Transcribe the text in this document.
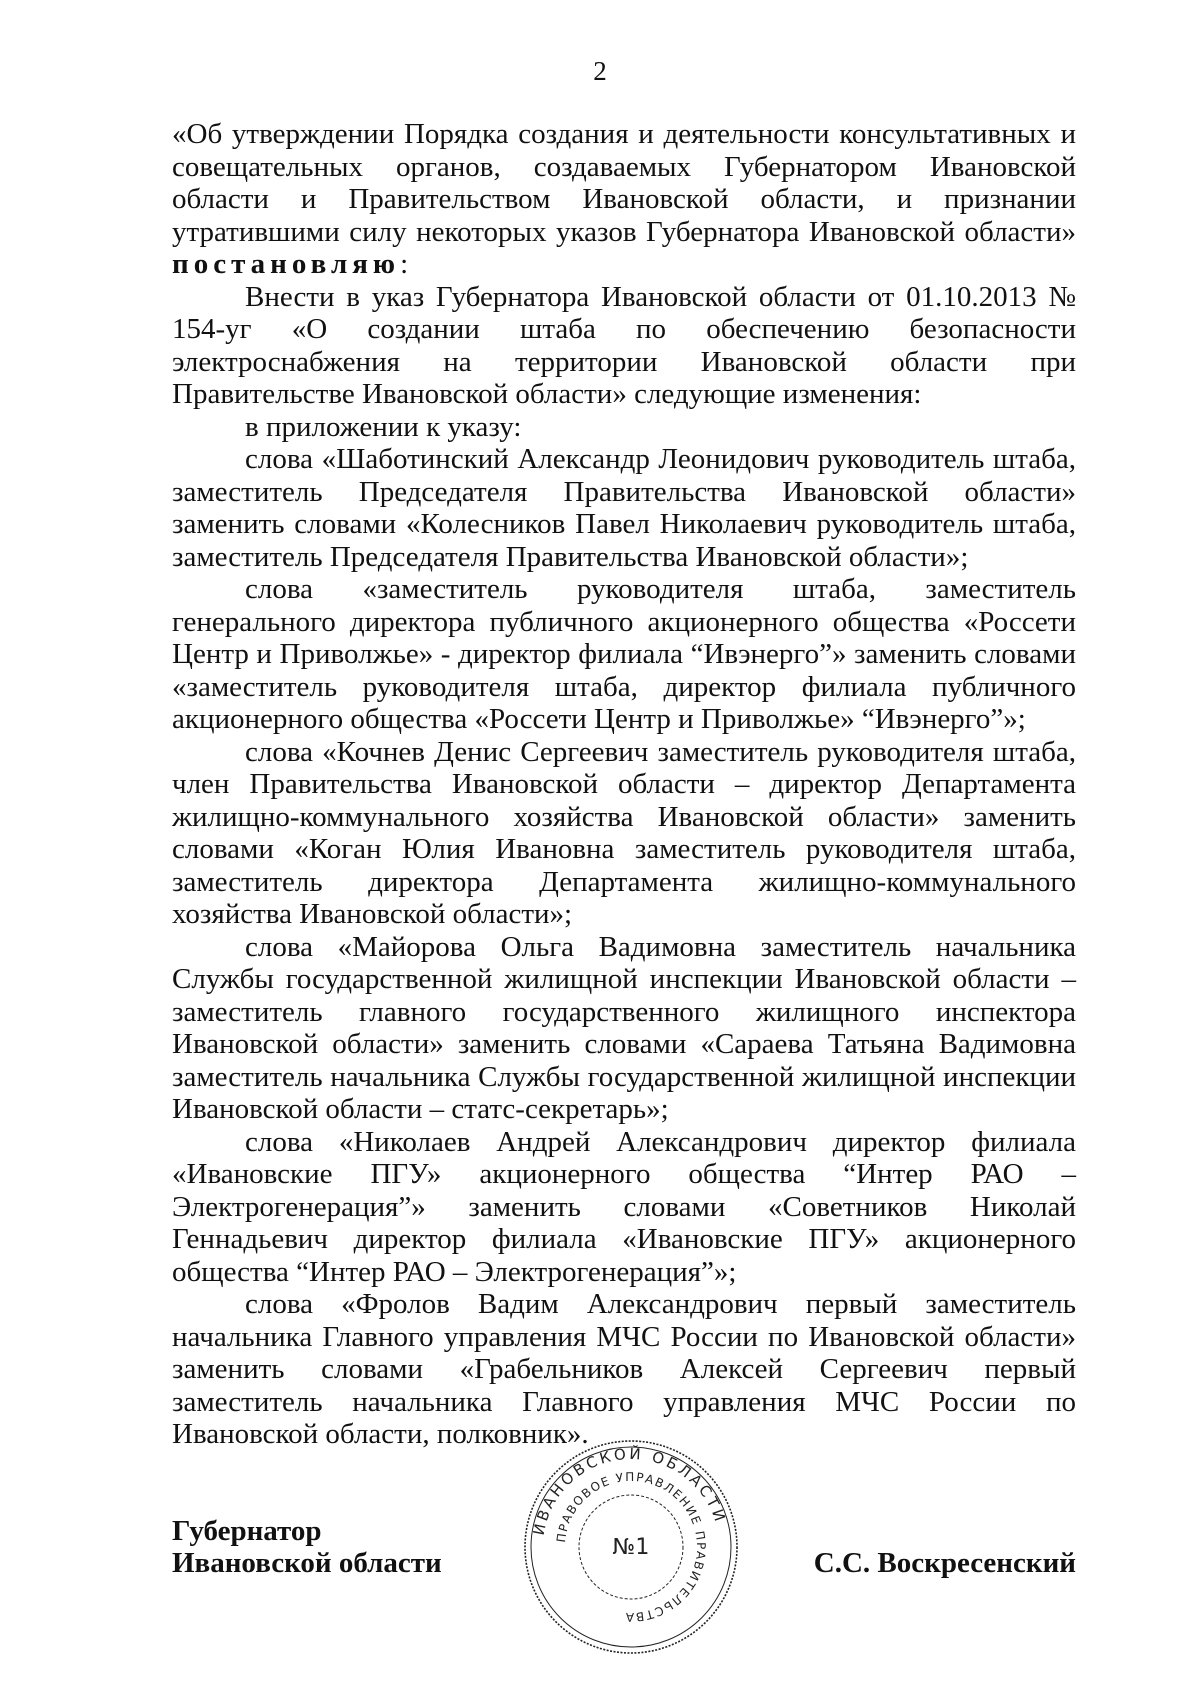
2

«Об утверждении Порядка создания и деятельности консультативных и совещательных органов, создаваемых Губернатором Ивановской области и Правительством Ивановской области, и признании утратившими силу некоторых указов Губернатора Ивановской области» постановляю:

Внести в указ Губернатора Ивановской области от 01.10.2013 № 154-уг «О создании штаба по обеспечению безопасности электроснабжения на территории Ивановской области при Правительстве Ивановской области» следующие изменения:

в приложении к указу:

слова «Шаботинский Александр Леонидович руководитель штаба, заместитель Председателя Правительства Ивановской области» заменить словами «Колесников Павел Николаевич руководитель штаба, заместитель Председателя Правительства Ивановской области»;

слова «заместитель руководителя штаба, заместитель генерального директора публичного акционерного общества «Россети Центр и Приволжье» - директор филиала “Ивэнерго”» заменить словами «заместитель руководителя штаба, директор филиала публичного акционерного общества «Россети Центр и Приволжье» “Ивэнерго”»;

слова «Кочнев Денис Сергеевич заместитель руководителя штаба, член Правительства Ивановской области – директор Департамента жилищно-коммунального хозяйства Ивановской области» заменить словами «Коган Юлия Ивановна заместитель руководителя штаба, заместитель директора Департамента жилищно-коммунального хозяйства Ивановской области»;

слова «Майорова Ольга Вадимовна заместитель начальника Службы государственной жилищной инспекции Ивановской области – заместитель главного государственного жилищного инспектора Ивановской области» заменить словами «Сараева Татьяна Вадимовна заместитель начальника Службы государственной жилищной инспекции Ивановской области – статс-секретарь»;

слова «Николаев Андрей Александрович директор филиала «Ивановские ПГУ» акционерного общества “Интер РАО – Электрогенерация”» заменить словами «Советников Николай Геннадьевич директор филиала «Ивановские ПГУ» акционерного общества “Интер РАО – Электрогенерация”»;

слова «Фролов Вадим Александрович первый заместитель начальника Главного управления МЧС России по Ивановской области» заменить словами «Грабельников Алексей Сергеевич первый заместитель начальника Главного управления МЧС России по Ивановской области, полковник».

ИВАНОВСКОЙ ОБЛАСТИ
ПРАВОВОЕ УПРАВЛЕНИЕ ПРАВИТЕЛЬСТВА
№1
Губернатор
Ивановской области	С.С. Воскресенский
